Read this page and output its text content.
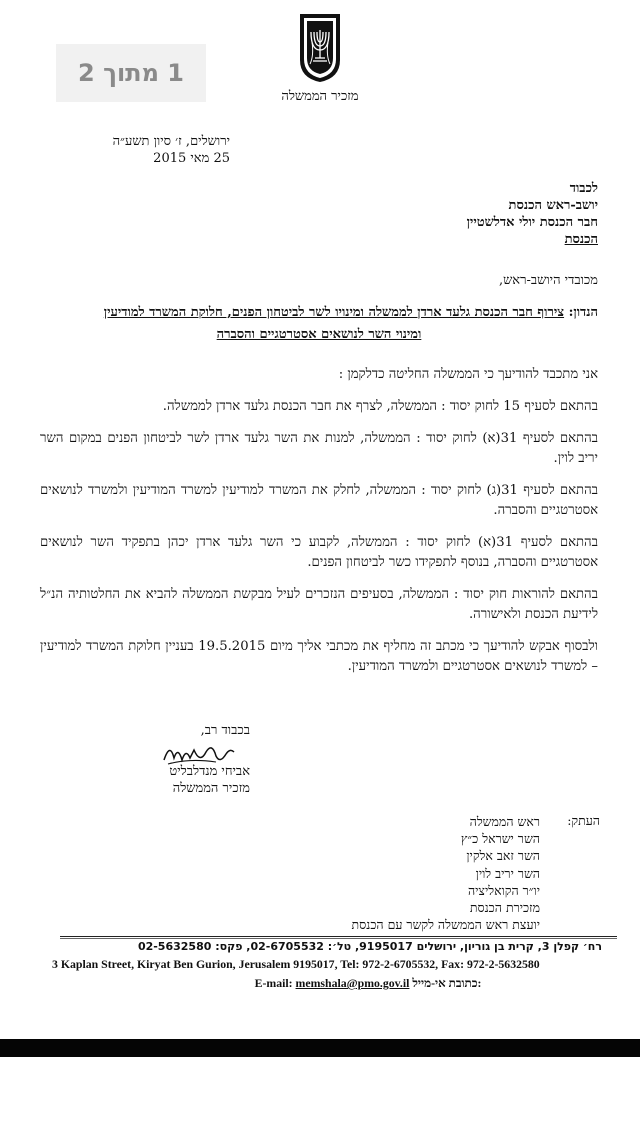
מזכיר הממשלה
1 מתוך 2
ירושלים, ז׳ סיון תשע״ה
25 מאי 2015
לכבוד
יושב-ראש הכנסת
חבר הכנסת יולי אדלשטיין
הכנסת
מכובדי היושב-ראש,
הנדון: צירוף חבר הכנסת גלעד ארדן לממשלה ומינויו לשר לביטחון הפנים, חלוקת המשרד למודיעין
ומינוי השר לנושאים אסטרטגיים והסברה

אני מתכבד להודיעך כי הממשלה החליטה כדלקמן :

בהתאם לסעיף 15 לחוק יסוד : הממשלה, לצרף את חבר הכנסת גלעד ארדן לממשלה.

בהתאם לסעיף 31(א) לחוק יסוד : הממשלה, למנות את השר גלעד ארדן לשר לביטחון הפנים במקום השר יריב לוין.

בהתאם לסעיף 31(ג) לחוק יסוד : הממשלה, לחלק את המשרד למודיעין למשרד המודיעין ולמשרד לנושאים אסטרטגיים והסברה.

בהתאם לסעיף 31(א) לחוק יסוד : הממשלה, לקבוע כי השר גלעד ארדן יכהן בתפקיד השר לנושאים אסטרטגיים והסברה, בנוסף לתפקידו כשר לביטחון הפנים.

בהתאם להוראות חוק יסוד : הממשלה, בסעיפים הנזכרים לעיל מבקשת הממשלה להביא את החלטותיה הנ״ל לידיעת הכנסת ולאישורה.

ולבסוף אבקש להודיעך כי מכתב זה מחליף את מכתבי אליך מיום 19.5.2015 בעניין חלוקת המשרד למודיעין – למשרד לנושאים אסטרטגיים ולמשרד המודיעין.

בכבוד רב,
אביחי מנדלבליט
מזכיר הממשלה
העתק:
ראש הממשלה
השר ישראל כ״ץ
השר זאב אלקין
השר יריב לוין
יו״ר הקואליציה
מזכירת הכנסת
יועצת ראש הממשלה לקשר עם הכנסת
רח׳ קפלן 3, קרית בן גוריון, ירושלים 9195017, טל׳: 02-6705532, פקס: 02-5632580
3 Kaplan Street, Kiryat Ben Gurion, Jerusalem 9195017, Tel: 972-2-6705532, Fax: 972-2-5632580
E-mail: memshala@pmo.gov.il כתובת אי-מייל:
